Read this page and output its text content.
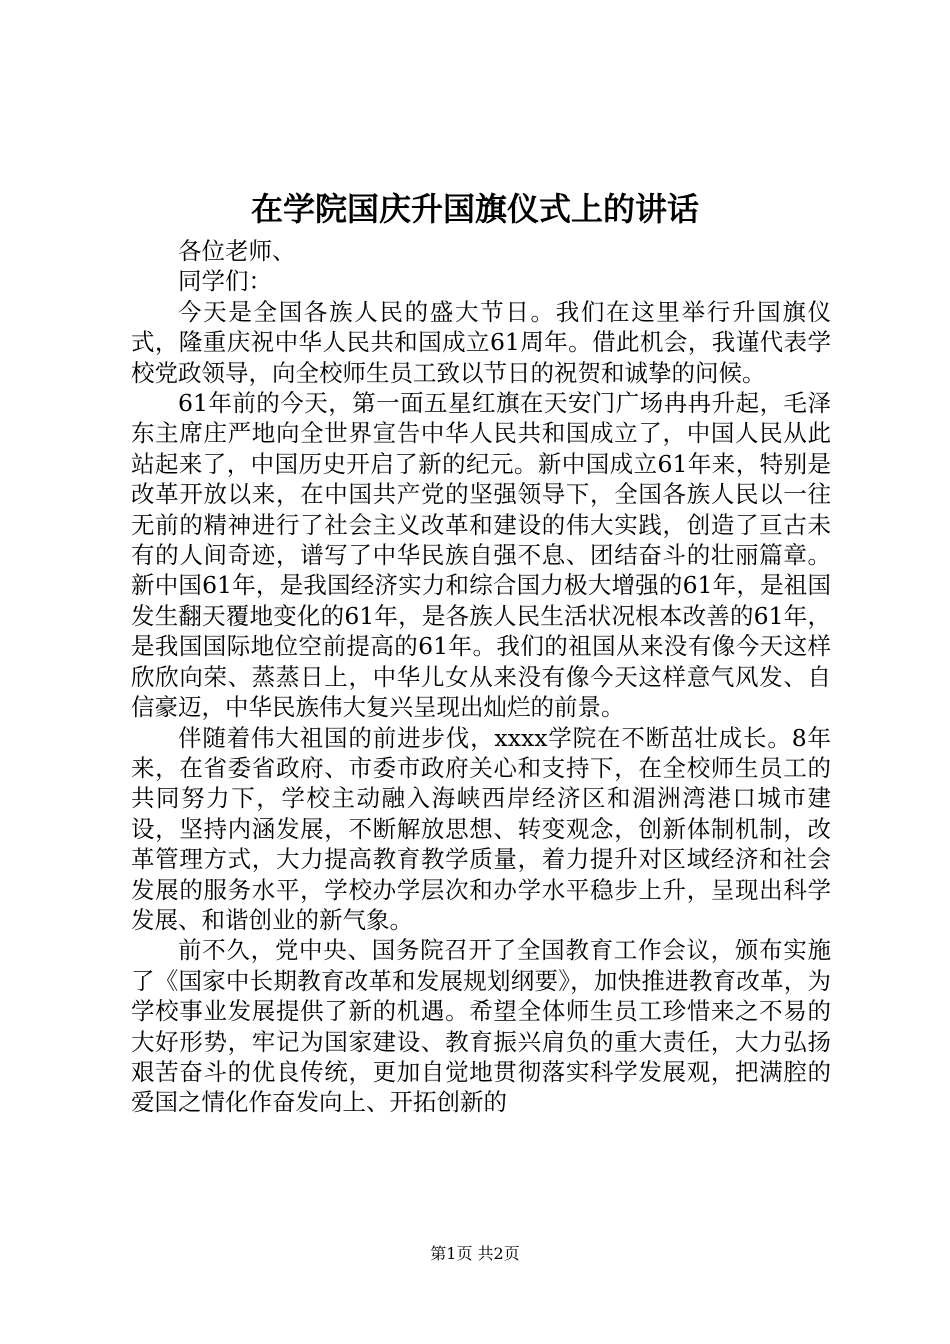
在学院国庆升国旗仪式上的讲话

各位老师、

同学们：

今天是全国各族人民的盛大节日。我们在这里举行升国旗仪式，隆重庆祝中华人民共和国成立61周年。借此机会，我谨代表学校党政领导，向全校师生员工致以节日的祝贺和诚挚的问候。

61年前的今天，第一面五星红旗在天安门广场冉冉升起，毛泽东主席庄严地向全世界宣告中华人民共和国成立了，中国人民从此站起来了，中国历史开启了新的纪元。新中国成立61年来，特别是改革开放以来，在中国共产党的坚强领导下，全国各族人民以一往无前的精神进行了社会主义改革和建设的伟大实践，创造了亘古未有的人间奇迹，谱写了中华民族自强不息、团结奋斗的壮丽篇章。新中国61年，是我国经济实力和综合国力极大增强的61年，是祖国发生翻天覆地变化的61年，是各族人民生活状况根本改善的61年，是我国国际地位空前提高的61年。我们的祖国从来没有像今天这样欣欣向荣、蒸蒸日上，中华儿女从来没有像今天这样意气风发、自信豪迈，中华民族伟大复兴呈现出灿烂的前景。

伴随着伟大祖国的前进步伐，xxxx学院在不断茁壮成长。8年来，在省委省政府、市委市政府关心和支持下，在全校师生员工的共同努力下，学校主动融入海峡西岸经济区和湄洲湾港口城市建设，坚持内涵发展，不断解放思想、转变观念，创新体制机制，改革管理方式，大力提高教育教学质量，着力提升对区域经济和社会发展的服务水平，学校办学层次和办学水平稳步上升，呈现出科学发展、和谐创业的新气象。

前不久，党中央、国务院召开了全国教育工作会议，颁布实施了《国家中长期教育改革和发展规划纲要》，加快推进教育改革，为学校事业发展提供了新的机遇。希望全体师生员工珍惜来之不易的大好形势，牢记为国家建设、教育振兴肩负的重大责任，大力弘扬艰苦奋斗的优良传统，更加自觉地贯彻落实科学发展观，把满腔的爱国之情化作奋发向上、开拓创新的

第1页 共2页
